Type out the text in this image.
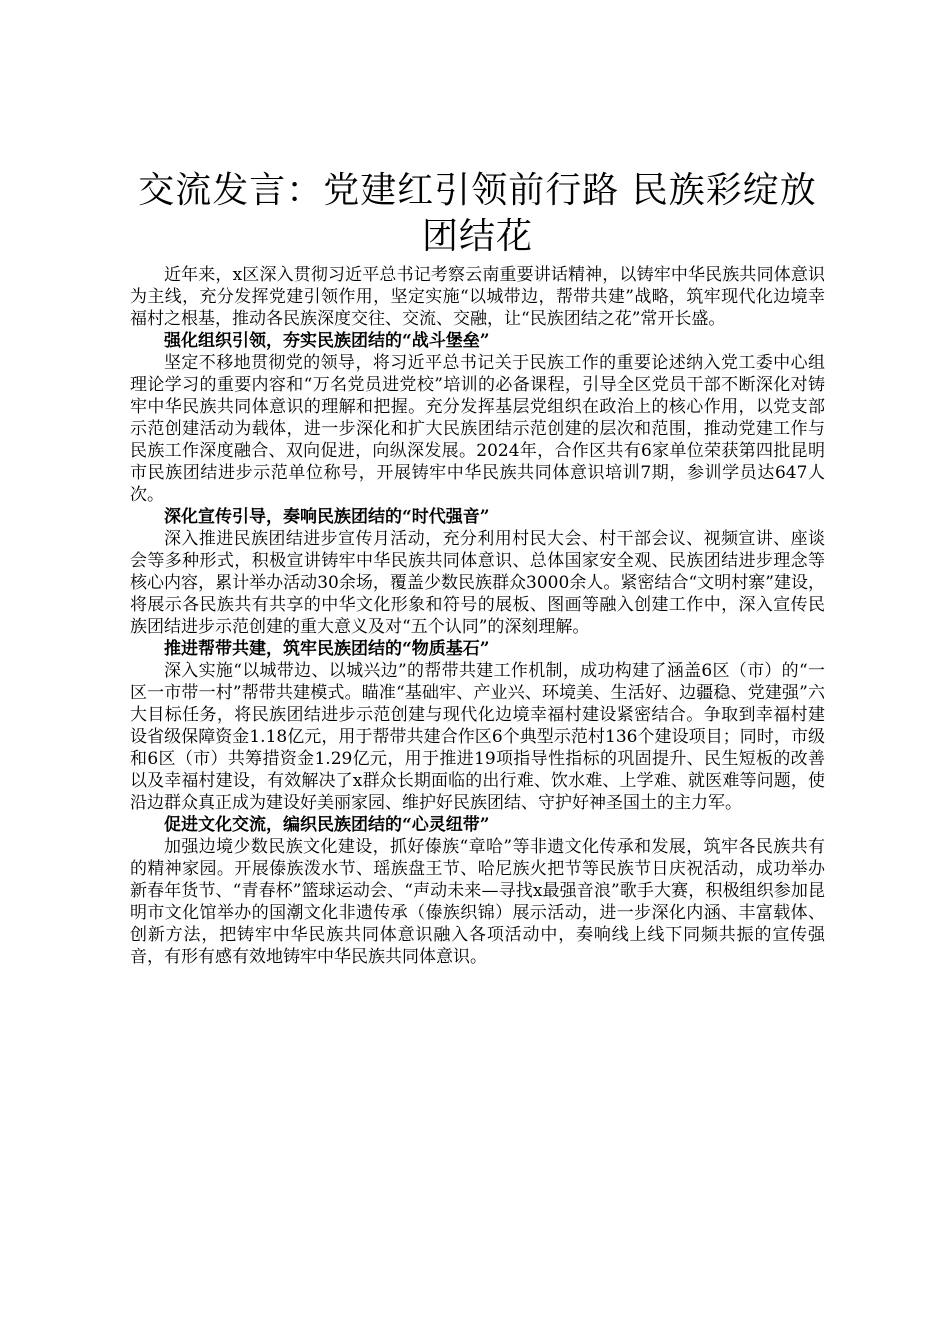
交流发言：党建红引领前行路 民族彩绽放团结花

近年来，x区深入贯彻习近平总书记考察云南重要讲话精神，以铸牢中华民族共同体意识为主线，充分发挥党建引领作用，坚定实施“以城带边，帮带共建”战略，筑牢现代化边境幸福村之根基，推动各民族深度交往、交流、交融，让“民族团结之花”常开长盛。

强化组织引领，夯实民族团结的“战斗堡垒”

坚定不移地贯彻党的领导，将习近平总书记关于民族工作的重要论述纳入党工委中心组理论学习的重要内容和“万名党员进党校”培训的必备课程，引导全区党员干部不断深化对铸牢中华民族共同体意识的理解和把握。充分发挥基层党组织在政治上的核心作用，以党支部示范创建活动为载体，进一步深化和扩大民族团结示范创建的层次和范围，推动党建工作与民族工作深度融合、双向促进，向纵深发展。2024年，合作区共有6家单位荣获第四批昆明市民族团结进步示范单位称号，开展铸牢中华民族共同体意识培训7期，参训学员达647人次。

深化宣传引导，奏响民族团结的“时代强音”

深入推进民族团结进步宣传月活动，充分利用村民大会、村干部会议、视频宣讲、座谈会等多种形式，积极宣讲铸牢中华民族共同体意识、总体国家安全观、民族团结进步理念等核心内容，累计举办活动30余场，覆盖少数民族群众3000余人。紧密结合“文明村寨”建设，将展示各民族共有共享的中华文化形象和符号的展板、图画等融入创建工作中，深入宣传民族团结进步示范创建的重大意义及对“五个认同”的深刻理解。

推进帮带共建，筑牢民族团结的“物质基石”

深入实施“以城带边、以城兴边”的帮带共建工作机制，成功构建了涵盖6区（市）的“一区一市带一村”帮带共建模式。瞄准“基础牢、产业兴、环境美、生活好、边疆稳、党建强”六大目标任务，将民族团结进步示范创建与现代化边境幸福村建设紧密结合。争取到幸福村建设省级保障资金1.18亿元，用于帮带共建合作区6个典型示范村136个建设项目；同时，市级和6区（市）共筹措资金1.29亿元，用于推进19项指导性指标的巩固提升、民生短板的改善以及幸福村建设，有效解决了x群众长期面临的出行难、饮水难、上学难、就医难等问题，使沿边群众真正成为建设好美丽家园、维护好民族团结、守护好神圣国土的主力军。

促进文化交流，编织民族团结的“心灵纽带”

加强边境少数民族文化建设，抓好傣族“章哈”等非遗文化传承和发展，筑牢各民族共有的精神家园。开展傣族泼水节、瑶族盘王节、哈尼族火把节等民族节日庆祝活动，成功举办新春年货节、“青春杯”篮球运动会、“声动未来—寻找x最强音浪”歌手大赛，积极组织参加昆明市文化馆举办的国潮文化非遗传承（傣族织锦）展示活动，进一步深化内涵、丰富载体、创新方法，把铸牢中华民族共同体意识融入各项活动中，奏响线上线下同频共振的宣传强音，有形有感有效地铸牢中华民族共同体意识。
